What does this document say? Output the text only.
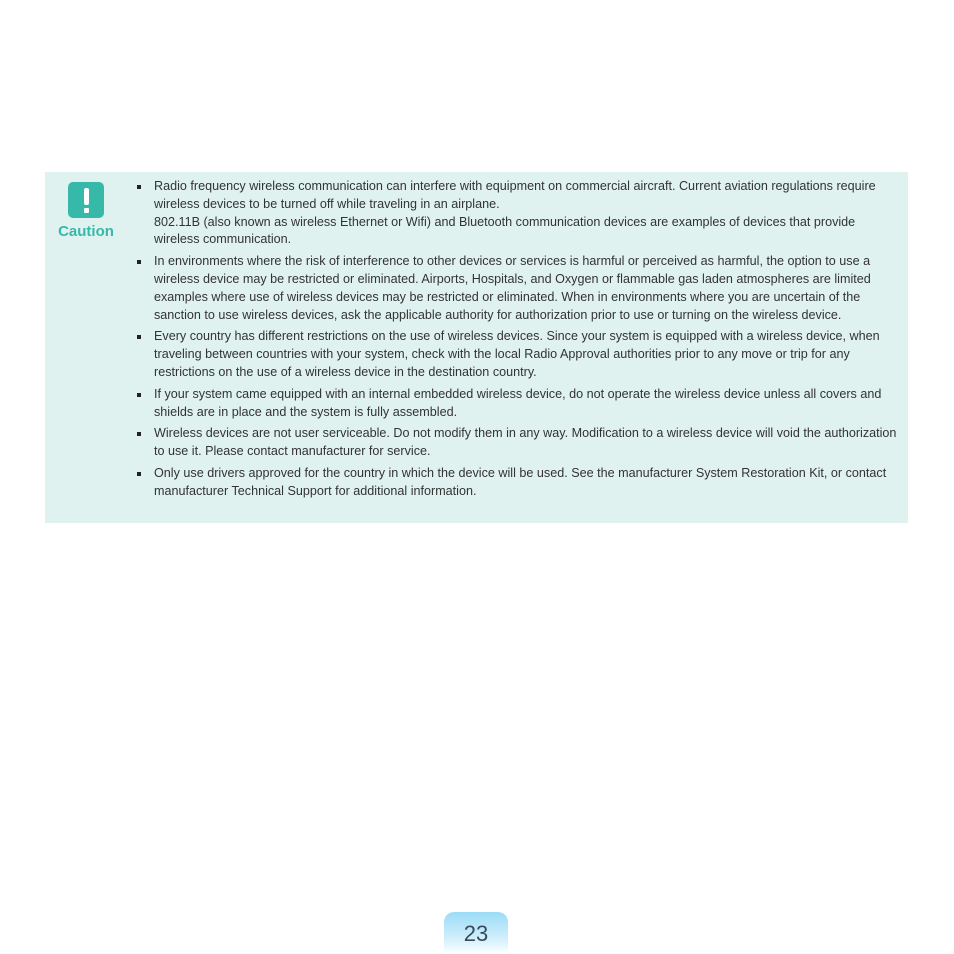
Caution

Radio frequency wireless communication can interfere with equipment on commercial aircraft. Current aviation regulations require wireless devices to be turned off while traveling in an airplane.

802.11B (also known as wireless Ethernet or Wifi) and Bluetooth communication devices are examples of devices that provide wireless communication.

In environments where the risk of interference to other devices or services is harmful or perceived as harmful, the option to use a wireless device may be restricted or eliminated. Airports, Hospitals, and Oxygen or flammable gas laden atmospheres are limited examples where use of wireless devices may be restricted or eliminated. When in environments where you are uncertain of the sanction to use wireless devices, ask the applicable authority for authorization prior to use or turning on the wireless device.

Every country has different restrictions on the use of wireless devices. Since your system is equipped with a wireless device, when traveling between countries with your system, check with the local Radio Approval authorities prior to any move or trip for any restrictions on the use of a wireless device in the destination country.

If your system came equipped with an internal embedded wireless device, do not operate the wireless device unless all covers and shields are in place and the system is fully assembled.

Wireless devices are not user serviceable. Do not modify them in any way. Modification to a wireless device will void the authorization to use it. Please contact manufacturer for service.

Only use drivers approved for the country in which the device will be used. See the manufacturer System Restoration Kit, or contact manufacturer Technical Support for additional information.

23
